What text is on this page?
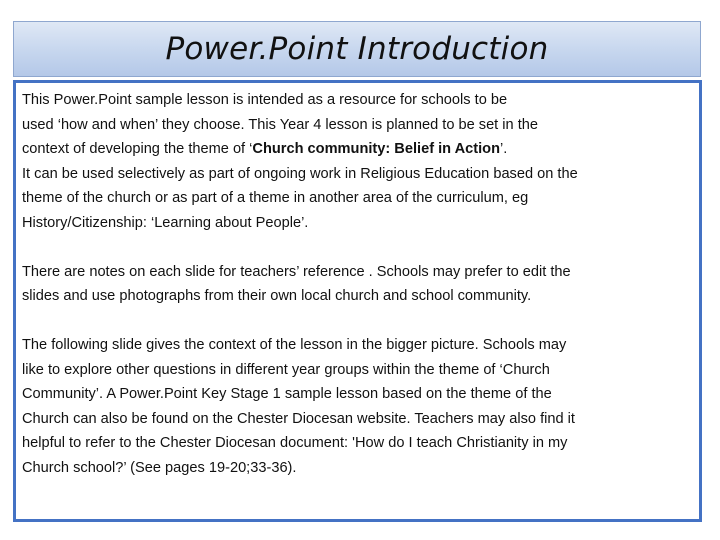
Power.Point Introduction

This Power.Point sample lesson is intended as a resource for schools to be
used ‘how and when’ they choose. This Year 4 lesson is planned to be set in the
context of developing the theme of ‘Church community: Belief in Action’.
It can be used selectively as part of ongoing work in Religious Education based on the
theme of the church or as part of a theme in another area of the curriculum, eg
History/Citizenship: ‘Learning about People’.

There are notes on each slide for teachers’ reference . Schools may prefer to edit the
slides and use photographs from their own local church and school community.

The following slide gives the context of the lesson in the bigger picture. Schools may
like to explore other questions in different year groups within the theme of ‘Church
Community’. A Power.Point Key Stage 1 sample lesson based on the theme of the
Church can also be found on the Chester Diocesan website. Teachers may also find it
helpful to refer to the Chester Diocesan document: 'How do I teach Christianity in my
Church school?’ (See pages 19-20;33-36).
